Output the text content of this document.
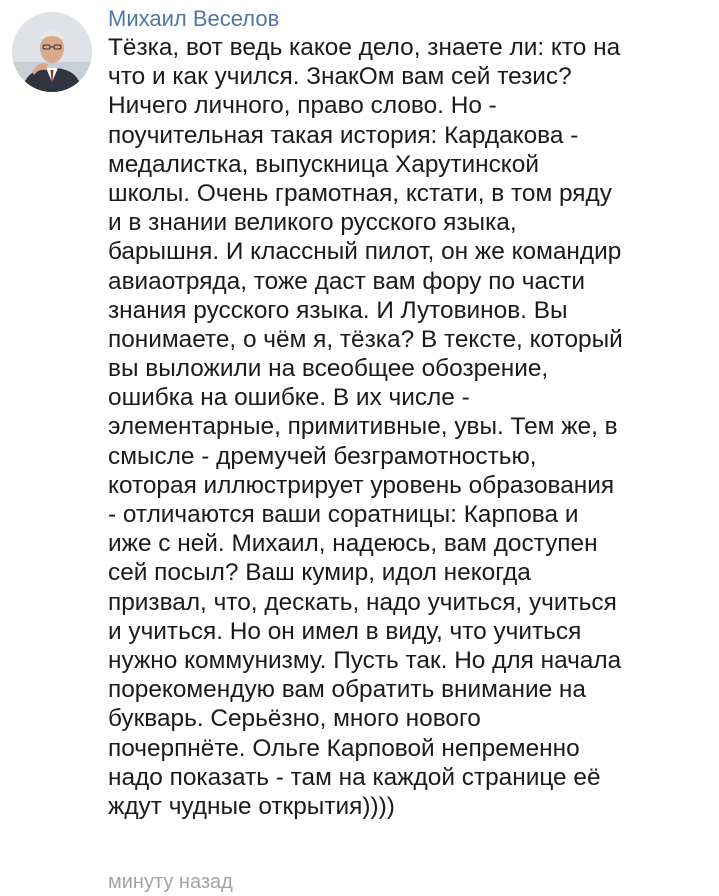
Михаил Веселов
Тёзка, вот ведь какое дело, знаете ли: кто на
что и как учился. ЗнакОм вам сей тезис?
Ничего личного, право слово. Но -
поучительная такая история: Кардакова -
медалистка, выпускница Харутинской
школы. Очень грамотная, кстати, в том ряду
и в знании великого русского языка,
барышня. И классный пилот, он же командир
авиаотряда, тоже даст вам фору по части
знания русского языка. И Лутовинов. Вы
понимаете, о чём я, тёзка? В тексте, который
вы выложили на всеобщее обозрение,
ошибка на ошибке. В их числе -
элементарные, примитивные, увы. Тем же, в
смысле - дремучей безграмотностью,
которая иллюстрирует уровень образования
- отличаются ваши соратницы: Карпова и
иже с ней. Михаил, надеюсь, вам доступен
сей посыл? Ваш кумир, идол некогда
призвал, что, дескать, надо учиться, учиться
и учиться. Но он имел в виду, что учиться
нужно коммунизму. Пусть так. Но для начала
порекомендую вам обратить внимание на
букварь. Серьёзно, много нового
почерпнёте. Ольге Карповой непременно
надо показать - там на каждой странице её
ждут чудные открытия))))
минуту назад
